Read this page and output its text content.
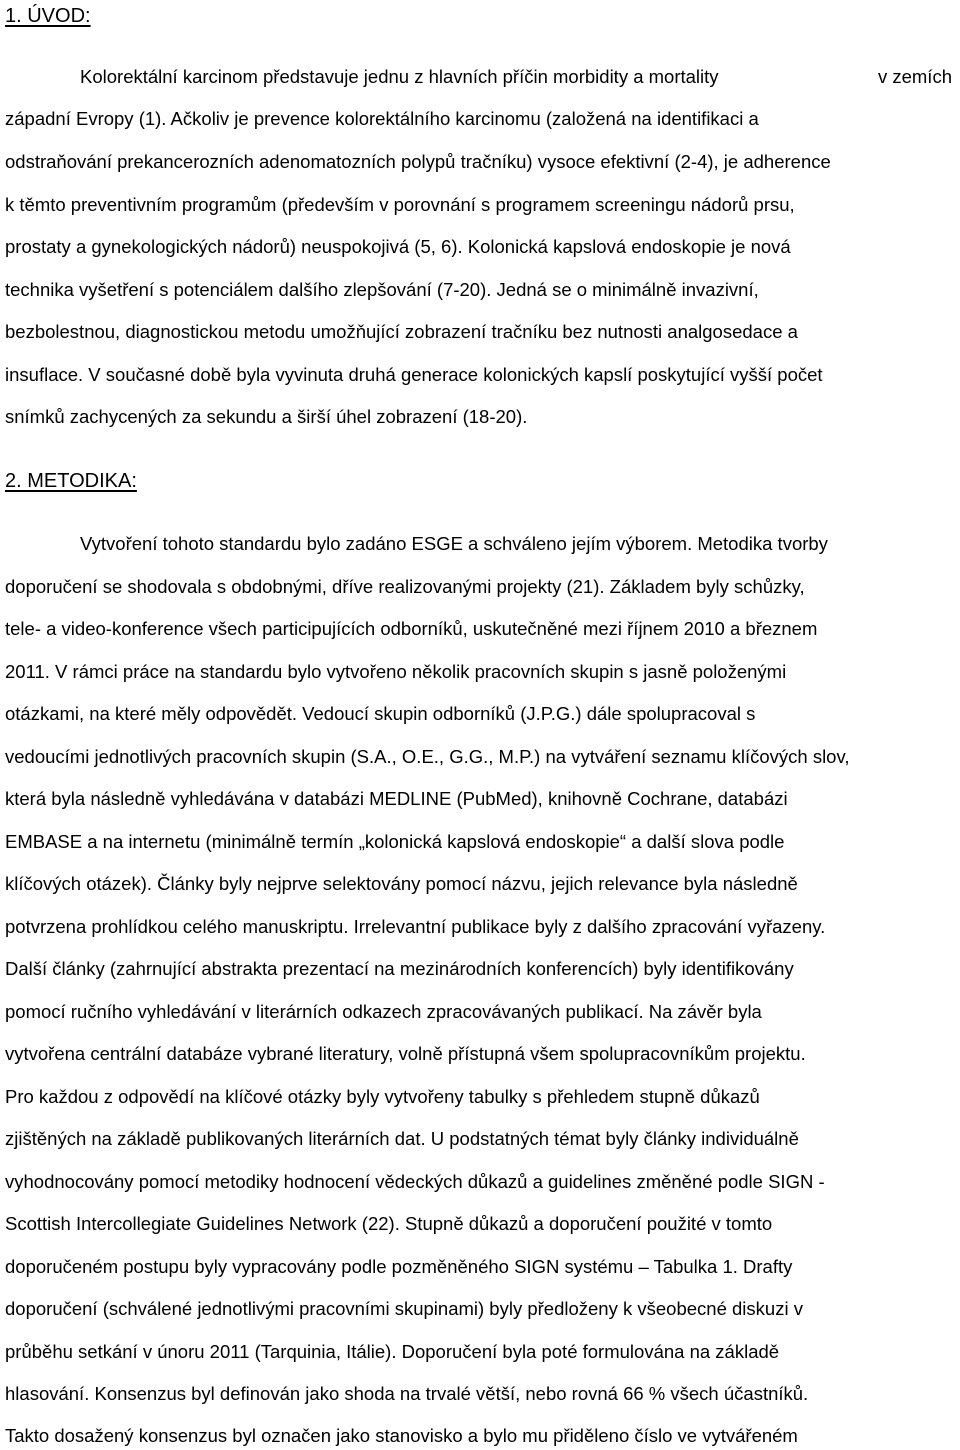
1. ÚVOD:

Kolorektální karcinom představuje jednu z hlavních příčin morbidity a mortality	v zemích

západní Evropy (1). Ačkoliv je prevence kolorektálního karcinomu (založená na identifikaci a

odstraňování prekancerozních adenomatozních polypů tračníku) vysoce efektivní (2-4), je adherence

k těmto preventivním programům (především v porovnání s programem screeningu nádorů prsu,

prostaty a gynekologických nádorů) neuspokojivá (5, 6). Kolonická kapslová endoskopie je nová

technika vyšetření s potenciálem dalšího zlepšování (7-20). Jedná se o minimálně invazivní,

bezbolestnou, diagnostickou metodu umožňující zobrazení tračníku bez nutnosti analgosedace a

insuflace. V současné době byla vyvinuta druhá generace kolonických kapslí poskytující vyšší počet

snímků zachycených za sekundu a širší úhel zobrazení (18-20).

2. METODIKA:

Vytvoření tohoto standardu bylo zadáno ESGE a schváleno jejím výborem. Metodika tvorby

doporučení se shodovala s obdobnými, dříve realizovanými projekty (21). Základem byly schůzky,

tele- a video-konference všech participujících odborníků, uskutečněné mezi říjnem 2010 a březnem

2011. V rámci práce na standardu bylo vytvořeno několik pracovních skupin s jasně položenými

otázkami, na které měly odpovědět. Vedoucí skupin odborníků (J.P.G.) dále spolupracoval s

vedoucími jednotlivých pracovních skupin (S.A., O.E., G.G., M.P.) na vytváření seznamu klíčových slov,

která byla následně vyhledávána v databázi MEDLINE (PubMed), knihovně Cochrane, databázi

EMBASE a na internetu (minimálně termín „kolonická kapslová endoskopie“ a další slova podle

klíčových otázek). Články byly nejprve selektovány pomocí názvu, jejich relevance byla následně

potvrzena prohlídkou celého manuskriptu. Irrelevantní publikace byly z dalšího zpracování vyřazeny.

Další články (zahrnující abstrakta prezentací na mezinárodních konferencích) byly identifikovány

pomocí ručního vyhledávání v literárních odkazech zpracovávaných publikací. Na závěr byla

vytvořena centrální databáze vybrané literatury, volně přístupná všem spolupracovníkům projektu.

Pro každou z odpovědí na klíčové otázky byly vytvořeny tabulky s přehledem stupně důkazů

zjištěných na základě publikovaných literárních dat. U podstatných témat byly články individuálně

vyhodnocovány pomocí metodiky hodnocení vědeckých důkazů a guidelines změněné podle SIGN -

Scottish Intercollegiate Guidelines Network (22). Stupně důkazů a doporučení použité v tomto

doporučeném postupu byly vypracovány podle pozměněného SIGN systému – Tabulka 1. Drafty

doporučení (schválené jednotlivými pracovními skupinami) byly předloženy k všeobecné diskuzi v

průběhu setkání v únoru 2011 (Tarquinia, Itálie). Doporučení byla poté formulována na základě

hlasování. Konsenzus byl definován jako shoda na trvalé větší, nebo rovná 66 % všech účastníků.

Takto dosažený konsenzus byl označen jako stanovisko a bylo mu přiděleno číslo ve vytvářeném
